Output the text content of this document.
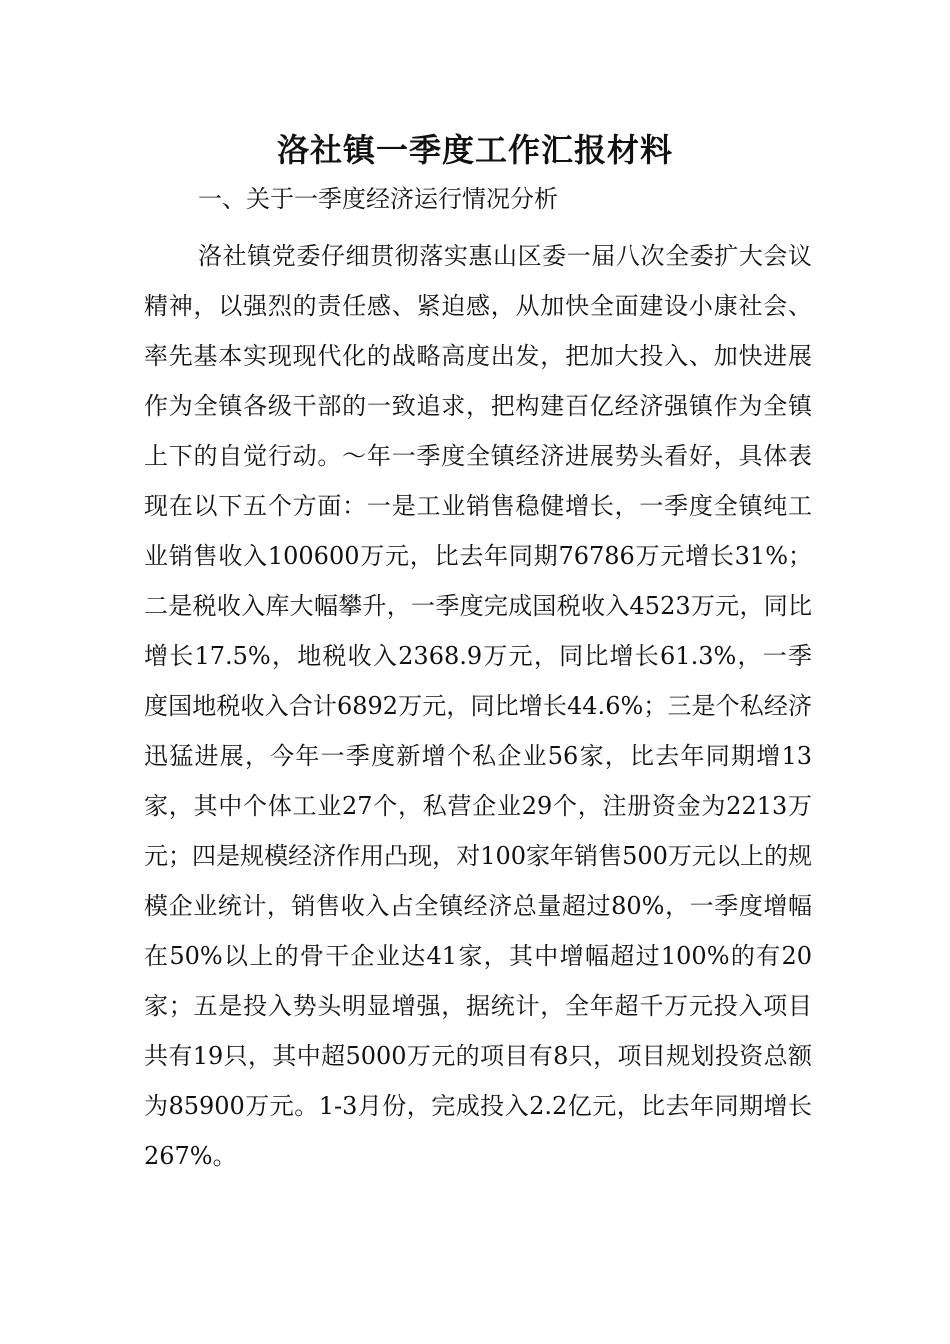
洛社镇一季度工作汇报材料

一、关于一季度经济运行情况分析

洛社镇党委仔细贯彻落实惠山区委一届八次全委扩大会议精神，以强烈的责任感、紧迫感，从加快全面建设小康社会、率先基本实现现代化的战略高度出发，把加大投入、加快进展作为全镇各级干部的一致追求，把构建百亿经济强镇作为全镇上下的自觉行动。～年一季度全镇经济进展势头看好，具体表现在以下五个方面：一是工业销售稳健增长，一季度全镇纯工业销售收入100600万元，比去年同期76786万元增长31%；二是税收入库大幅攀升，一季度完成国税收入4523万元，同比增长17.5%，地税收入2368.9万元，同比增长61.3%，一季度国地税收入合计6892万元，同比增长44.6%；三是个私经济迅猛进展，今年一季度新增个私企业56家，比去年同期增13家，其中个体工业27个，私营企业29个，注册资金为2213万元；四是规模经济作用凸现，对100家年销售500万元以上的规模企业统计，销售收入占全镇经济总量超过80%，一季度增幅在50%以上的骨干企业达41家，其中增幅超过100%的有20家；五是投入势头明显增强，据统计，全年超千万元投入项目共有19只，其中超5000万元的项目有8只，项目规划投资总额为85900万元。1-3月份，完成投入2.2亿元，比去年同期增长267%。
